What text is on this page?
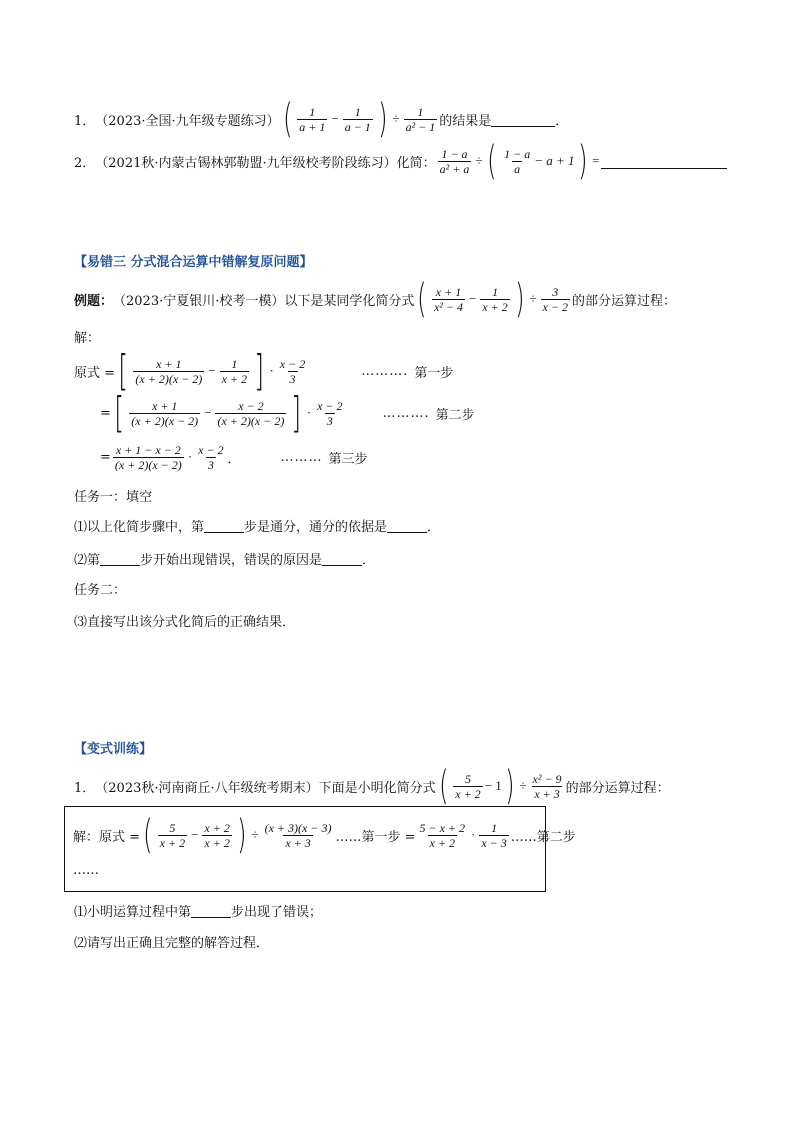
1． （2023·全国·九年级专题练习） ( $\frac{1}{a + 1} - \frac{1}{a - 1}$ ) ÷ $\frac{1}{\text{a² − 1}}$ 的结果是	．
2． （2021秋·内蒙古锡林郭勒盟·九年级校考阶段练习）化简： $\frac{1 - a}{\text{a² + a}}$ ÷ ( $\frac{1 - a}{a} - a + 1$ ) =
【易错三 分式混合运算中错解复原问题】
例题： （2023·宁夏银川·校考一模）以下是某同学化简分式 ( $\frac{x + 1}{\text{x² − 4}} - \frac{1}{x + 2}$ ) ÷ $\frac{3}{x - 2}$ 的部分运算过程：
解：
原式 = [ $\frac{x + 1}{(x + 2)(x - 2)} - \frac{1}{x + 2}$ ] · $\frac{x - 2}{3}$	………. 第一步
= [ $\frac{x + 1}{(x + 2)(x - 2)} - \frac{x - 2}{(x + 2)(x - 2)}$ ] · $\frac{x - 2}{3}$	………. 第二步
= $\frac{x + 1 - x - 2}{(x + 2)(x - 2)} \cdot \frac{x - 2}{3}$ ．	……… 第三步
任务一：填空
⑴以上化简步骤中，第	步是通分，通分的依据是	．
⑵第	步开始出现错误，错误的原因是	．
任务二：
⑶直接写出该分式化简后的正确结果．
【变式训练】
1． （2023秋·河南商丘·八年级统考期末）下面是小明化简分式 ( $\frac{5}{x + 2} - 1$ ) ÷ $\frac{\text{x² − 9}}{x + 3}$ 的部分运算过程：
解：原式 = ( $\frac{5}{x + 2} - \frac{x + 2}{x + 2}$ ) ÷ $\frac{(x + 3)(x - 3)}{x + 3}$ ……第一步 = $\frac{5 - x + 2}{x + 2} \cdot \frac{1}{x - 3}$ ……第二步
……
⑴小明运算过程中第	步出现了错误；
⑵请写出正确且完整的解答过程．
